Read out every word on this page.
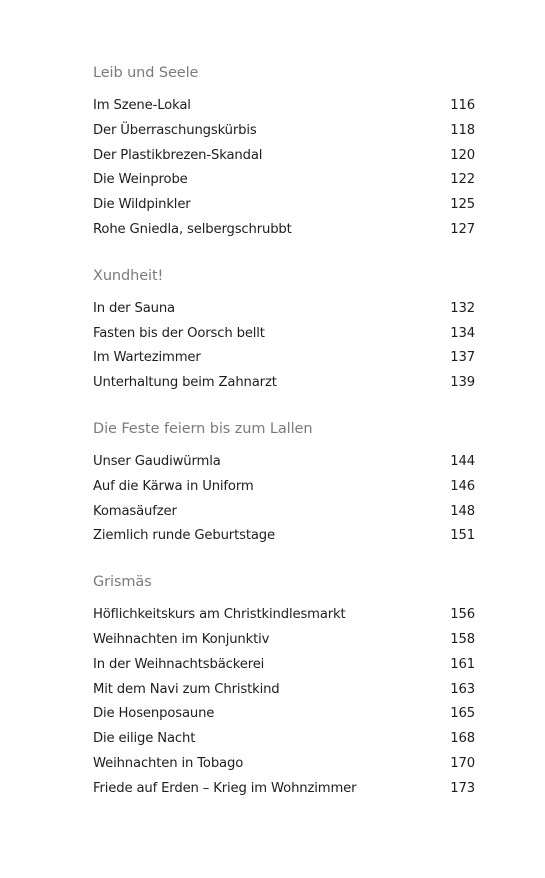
Leib und Seele
Im Szene-Lokal	116
Der Überraschungskürbis	118
Der Plastikbrezen-Skandal	120
Die Weinprobe	122
Die Wildpinkler	125
Rohe Gniedla, selbergschrubbt	127
Xundheit!
In der Sauna	132
Fasten bis der Oorsch bellt	134
Im Wartezimmer	137
Unterhaltung beim Zahnarzt	139
Die Feste feiern bis zum Lallen
Unser Gaudiwürmla	144
Auf die Kärwa in Uniform	146
Komasäufzer	148
Ziemlich runde Geburtstage	151
Grismäs
Höflichkeitskurs am Christkindlesmarkt	156
Weihnachten im Konjunktiv	158
In der Weihnachtsbäckerei	161
Mit dem Navi zum Christkind	163
Die Hosenposaune	165
Die eilige Nacht	168
Weihnachten in Tobago	170
Friede auf Erden – Krieg im Wohnzimmer	173
